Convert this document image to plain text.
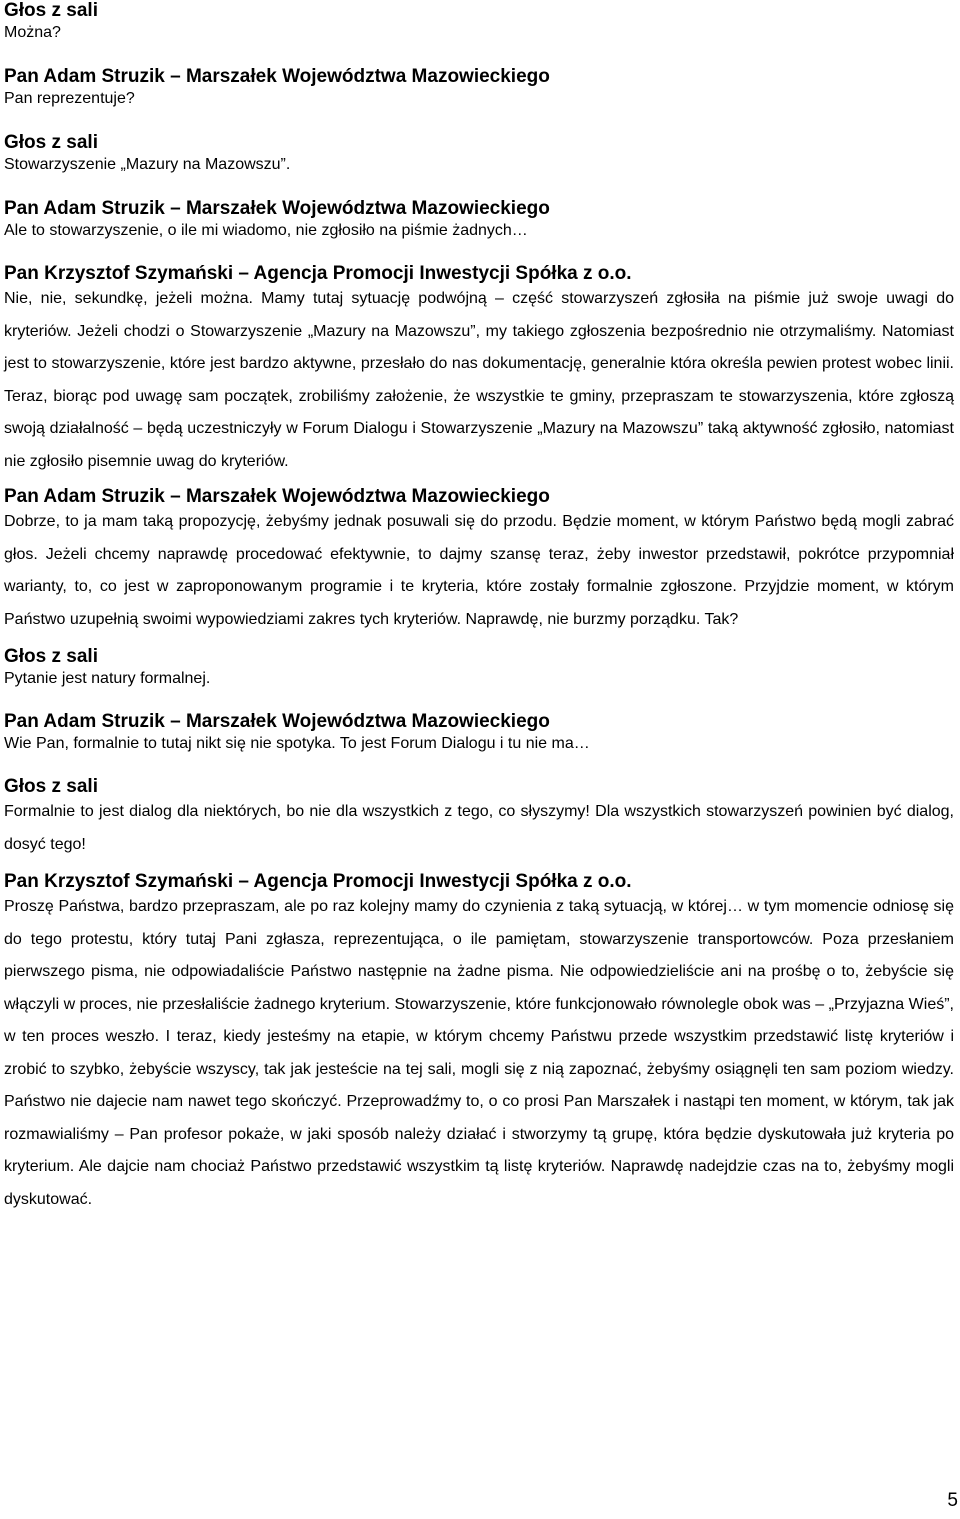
Głos z sali

Można?

Pan Adam Struzik – Marszałek Województwa Mazowieckiego

Pan reprezentuje?

Głos z sali

Stowarzyszenie „Mazury na Mazowszu”.

Pan Adam Struzik – Marszałek Województwa Mazowieckiego

Ale to stowarzyszenie, o ile mi wiadomo, nie zgłosiło na piśmie żadnych…

Pan Krzysztof Szymański – Agencja Promocji Inwestycji Spółka z o.o.

Nie, nie, sekundkę, jeżeli można. Mamy tutaj sytuację podwójną – część stowarzyszeń zgłosiła na piśmie już swoje uwagi do kryteriów. Jeżeli chodzi o Stowarzyszenie „Mazury na Mazowszu”, my takiego zgłoszenia bezpośrednio nie otrzymaliśmy. Natomiast jest to stowarzyszenie, które jest bardzo aktywne, przesłało do nas dokumentację, generalnie która określa pewien protest wobec linii. Teraz, biorąc pod uwagę sam początek, zrobiliśmy założenie, że wszystkie te gminy, przepraszam te stowarzyszenia, które zgłoszą swoją działalność – będą uczestniczyły w Forum Dialogu i Stowarzyszenie „Mazury na Mazowszu” taką aktywność zgłosiło, natomiast nie zgłosiło pisemnie uwag do kryteriów.

Pan Adam Struzik – Marszałek Województwa Mazowieckiego

Dobrze, to ja mam taką propozycję, żebyśmy jednak posuwali się do przodu. Będzie moment, w którym Państwo będą mogli zabrać głos. Jeżeli chcemy naprawdę procedować efektywnie, to dajmy szansę teraz, żeby inwestor przedstawił, pokrótce przypomniał warianty, to, co jest w zaproponowanym programie i te kryteria, które zostały formalnie zgłoszone. Przyjdzie moment, w którym Państwo uzupełnią swoimi wypowiedziami zakres tych kryteriów. Naprawdę, nie burzmy porządku. Tak?

Głos z sali

Pytanie jest natury formalnej.

Pan Adam Struzik – Marszałek Województwa Mazowieckiego

Wie Pan, formalnie to tutaj nikt się nie spotyka. To jest Forum Dialogu i tu nie ma…

Głos z sali

Formalnie to jest dialog dla niektórych, bo nie dla wszystkich z tego, co słyszymy! Dla wszystkich stowarzyszeń powinien być dialog, dosyć tego!

Pan Krzysztof Szymański – Agencja Promocji Inwestycji Spółka z o.o.

Proszę Państwa, bardzo przepraszam, ale po raz kolejny mamy do czynienia z taką sytuacją, w której… w tym momencie odniosę się do tego protestu, który tutaj Pani zgłasza, reprezentująca, o ile pamiętam, stowarzyszenie transportowców. Poza przesłaniem pierwszego pisma, nie odpowiadaliście Państwo następnie na żadne pisma. Nie odpowiedzieliście ani na prośbę o to, żebyście się włączyli w proces, nie przesłaliście żadnego kryterium. Stowarzyszenie, które funkcjonowało równolegle obok was – „Przyjazna Wieś”, w ten proces weszło. I teraz, kiedy jesteśmy na etapie, w którym chcemy Państwu przede wszystkim przedstawić listę kryteriów i zrobić to szybko, żebyście wszyscy, tak jak jesteście na tej sali, mogli się z nią zapoznać, żebyśmy osiągnęli ten sam poziom wiedzy. Państwo nie dajecie nam nawet tego skończyć. Przeprowadźmy to, o co prosi Pan Marszałek i nastąpi ten moment, w którym, tak jak rozmawialiśmy – Pan profesor pokaże, w jaki sposób należy działać i stworzymy tą grupę, która będzie dyskutowała już kryteria po kryterium. Ale dajcie nam chociaż Państwo przedstawić wszystkim tą listę kryteriów. Naprawdę nadejdzie czas na to, żebyśmy mogli dyskutować.

5
